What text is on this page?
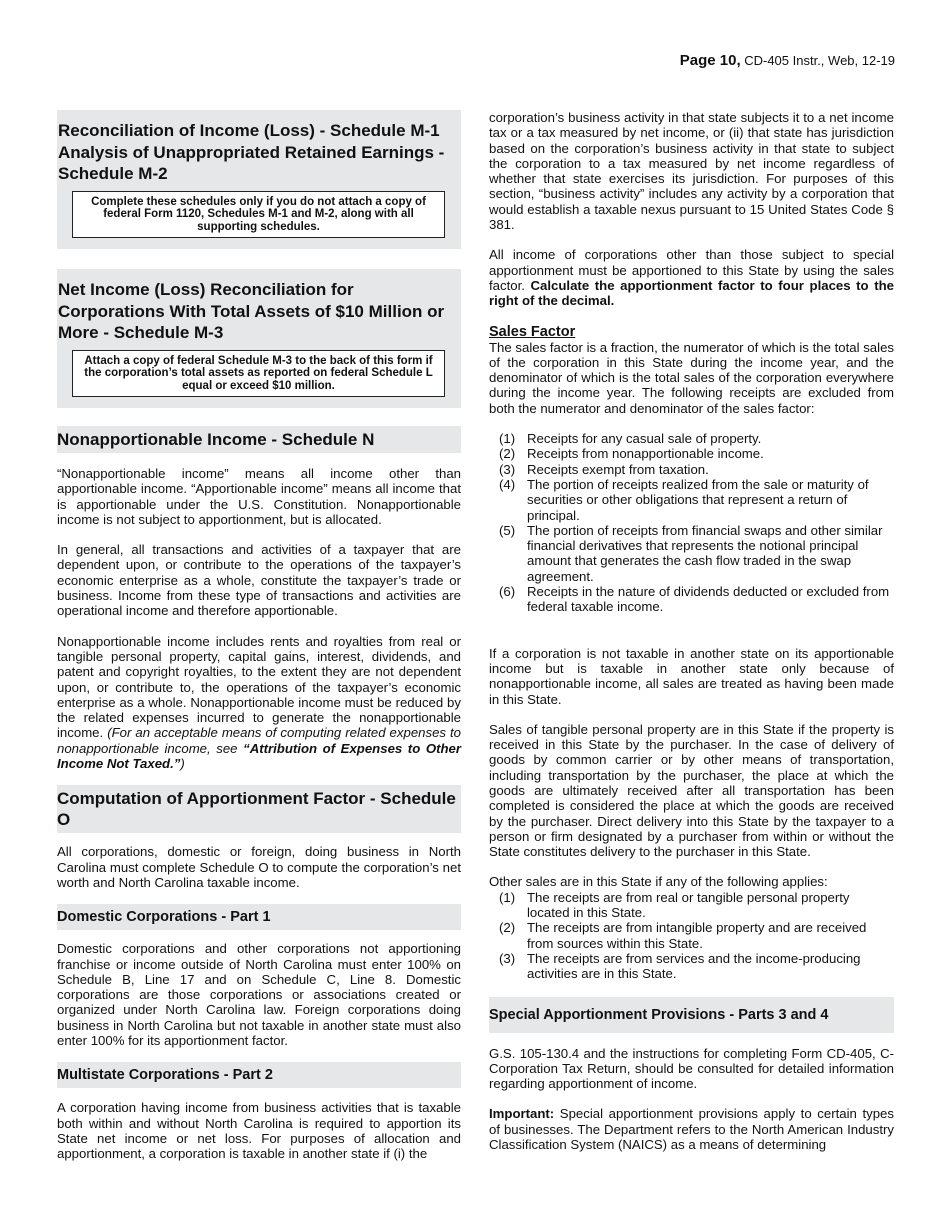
Page 10, CD-405 Instr., Web, 12-19
Reconciliation of Income (Loss) - Schedule M-1 Analysis of Unappropriated Retained Earnings - Schedule M-2
Complete these schedules only if you do not attach a copy of federal Form 1120, Schedules M-1 and M-2, along with all supporting schedules.
Net Income (Loss) Reconciliation for Corporations With Total Assets of $10 Million or More - Schedule M-3
Attach a copy of federal Schedule M-3 to the back of this form if the corporation’s total assets as reported on federal Schedule L equal or exceed $10 million.
Nonapportionable Income - Schedule N

“Nonapportionable income” means all income other than apportionable income. “Apportionable income” means all income that is apportionable under the U.S. Constitution. Nonapportionable income is not subject to apportionment, but is allocated.

In general, all transactions and activities of a taxpayer that are dependent upon, or contribute to the operations of the taxpayer’s economic enterprise as a whole, constitute the taxpayer’s trade or business. Income from these type of transactions and activities are operational income and therefore apportionable.

Nonapportionable income includes rents and royalties from real or tangible personal property, capital gains, interest, dividends, and patent and copyright royalties, to the extent they are not dependent upon, or contribute to, the operations of the taxpayer’s economic enterprise as a whole. Nonapportionable income must be reduced by the related expenses incurred to generate the nonapportionable income. (For an acceptable means of computing related expenses to nonapportionable income, see “Attribution of Expenses to Other Income Not Taxed.”)

Computation of Apportionment Factor - Schedule O

All corporations, domestic or foreign, doing business in North Carolina must complete Schedule O to compute the corporation’s net worth and North Carolina taxable income.

Domestic Corporations - Part 1

Domestic corporations and other corporations not apportioning franchise or income outside of North Carolina must enter 100% on Schedule B, Line 17 and on Schedule C, Line 8. Domestic corporations are those corporations or associations created or organized under North Carolina law. Foreign corporations doing business in North Carolina but not taxable in another state must also enter 100% for its apportionment factor.

Multistate Corporations - Part 2

A corporation having income from business activities that is taxable both within and without North Carolina is required to apportion its State net income or net loss. For purposes of allocation and apportionment, a corporation is taxable in another state if (i) the

corporation’s business activity in that state subjects it to a net income tax or a tax measured by net income, or (ii) that state has jurisdiction based on the corporation’s business activity in that state to subject the corporation to a tax measured by net income regardless of whether that state exercises its jurisdiction. For purposes of this section, “business activity” includes any activity by a corporation that would establish a taxable nexus pursuant to 15 United States Code § 381.

All income of corporations other than those subject to special apportionment must be apportioned to this State by using the sales factor. Calculate the apportionment factor to four places to the right of the decimal.

Sales Factor

The sales factor is a fraction, the numerator of which is the total sales of the corporation in this State during the income year, and the denominator of which is the total sales of the corporation everywhere during the income year. The following receipts are excluded from both the numerator and denominator of the sales factor:

(1) Receipts for any casual sale of property.
(2) Receipts from nonapportionable income.
(3) Receipts exempt from taxation.
(4) The portion of receipts realized from the sale or maturity of securities or other obligations that represent a return of principal.
(5) The portion of receipts from financial swaps and other similar financial derivatives that represents the notional principal amount that generates the cash flow traded in the swap agreement.
(6) Receipts in the nature of dividends deducted or excluded from federal taxable income.

If a corporation is not taxable in another state on its apportionable income but is taxable in another state only because of nonapportionable income, all sales are treated as having been made in this State.

Sales of tangible personal property are in this State if the property is received in this State by the purchaser. In the case of delivery of goods by common carrier or by other means of transportation, including transportation by the purchaser, the place at which the goods are ultimately received after all transportation has been completed is considered the place at which the goods are received by the purchaser. Direct delivery into this State by the taxpayer to a person or firm designated by a purchaser from within or without the State constitutes delivery to the purchaser in this State.

Other sales are in this State if any of the following applies:

(1) The receipts are from real or tangible personal property located in this State.
(2) The receipts are from intangible property and are received from sources within this State.
(3) The receipts are from services and the income-producing activities are in this State.
Special Apportionment Provisions - Parts 3 and 4

G.S. 105-130.4 and the instructions for completing Form CD-405, C-Corporation Tax Return, should be consulted for detailed information regarding apportionment of income.

Important: Special apportionment provisions apply to certain types of businesses. The Department refers to the North American Industry Classification System (NAICS) as a means of determining
